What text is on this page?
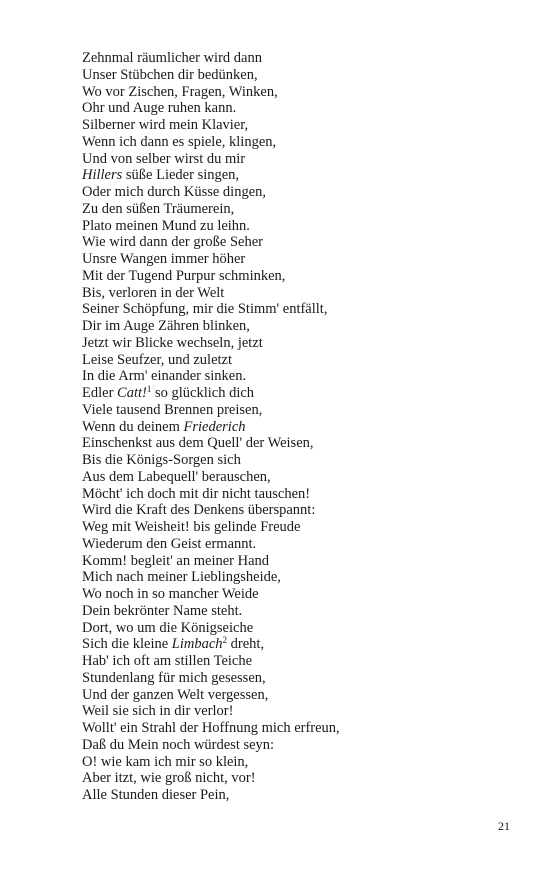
Zehnmal räumlicher wird dann
Unser Stübchen dir bedünken,
Wo vor Zischen, Fragen, Winken,
Ohr und Auge ruhen kann.
Silberner wird mein Klavier,
Wenn ich dann es spiele, klingen,
Und von selber wirst du mir
Hillers süße Lieder singen,
Oder mich durch Küsse dingen,
Zu den süßen Träumerein,
Plato meinen Mund zu leihn.
Wie wird dann der große Seher
Unsre Wangen immer höher
Mit der Tugend Purpur schminken,
Bis, verloren in der Welt
Seiner Schöpfung, mir die Stimm' entfällt,
Dir im Auge Zähren blinken,
Jetzt wir Blicke wechseln, jetzt
Leise Seufzer, und zuletzt
In die Arm' einander sinken.
Edler Catt!$^1$ so glücklich dich
Viele tausend Brennen preisen,
Wenn du deinem Friederich
Einschenkst aus dem Quell' der Weisen,
Bis die Königs-Sorgen sich
Aus dem Labequell' berauschen,
Möcht' ich doch mit dir nicht tauschen!
Wird die Kraft des Denkens überspannt:
Weg mit Weisheit! bis gelinde Freude
Wiederum den Geist ermannt.
Komm! begleit' an meiner Hand
Mich nach meiner Lieblingsheide,
Wo noch in so mancher Weide
Dein bekrönter Name steht.
Dort, wo um die Königseiche
Sich die kleine Limbach$^2$ dreht,
Hab' ich oft am stillen Teiche
Stundenlang für mich gesessen,
Und der ganzen Welt vergessen,
Weil sie sich in dir verlor!
Wollt' ein Strahl der Hoffnung mich erfreun,
Daß du Mein noch würdest seyn:
O! wie kam ich mir so klein,
Aber itzt, wie groß nicht, vor!
Alle Stunden dieser Pein,
21
